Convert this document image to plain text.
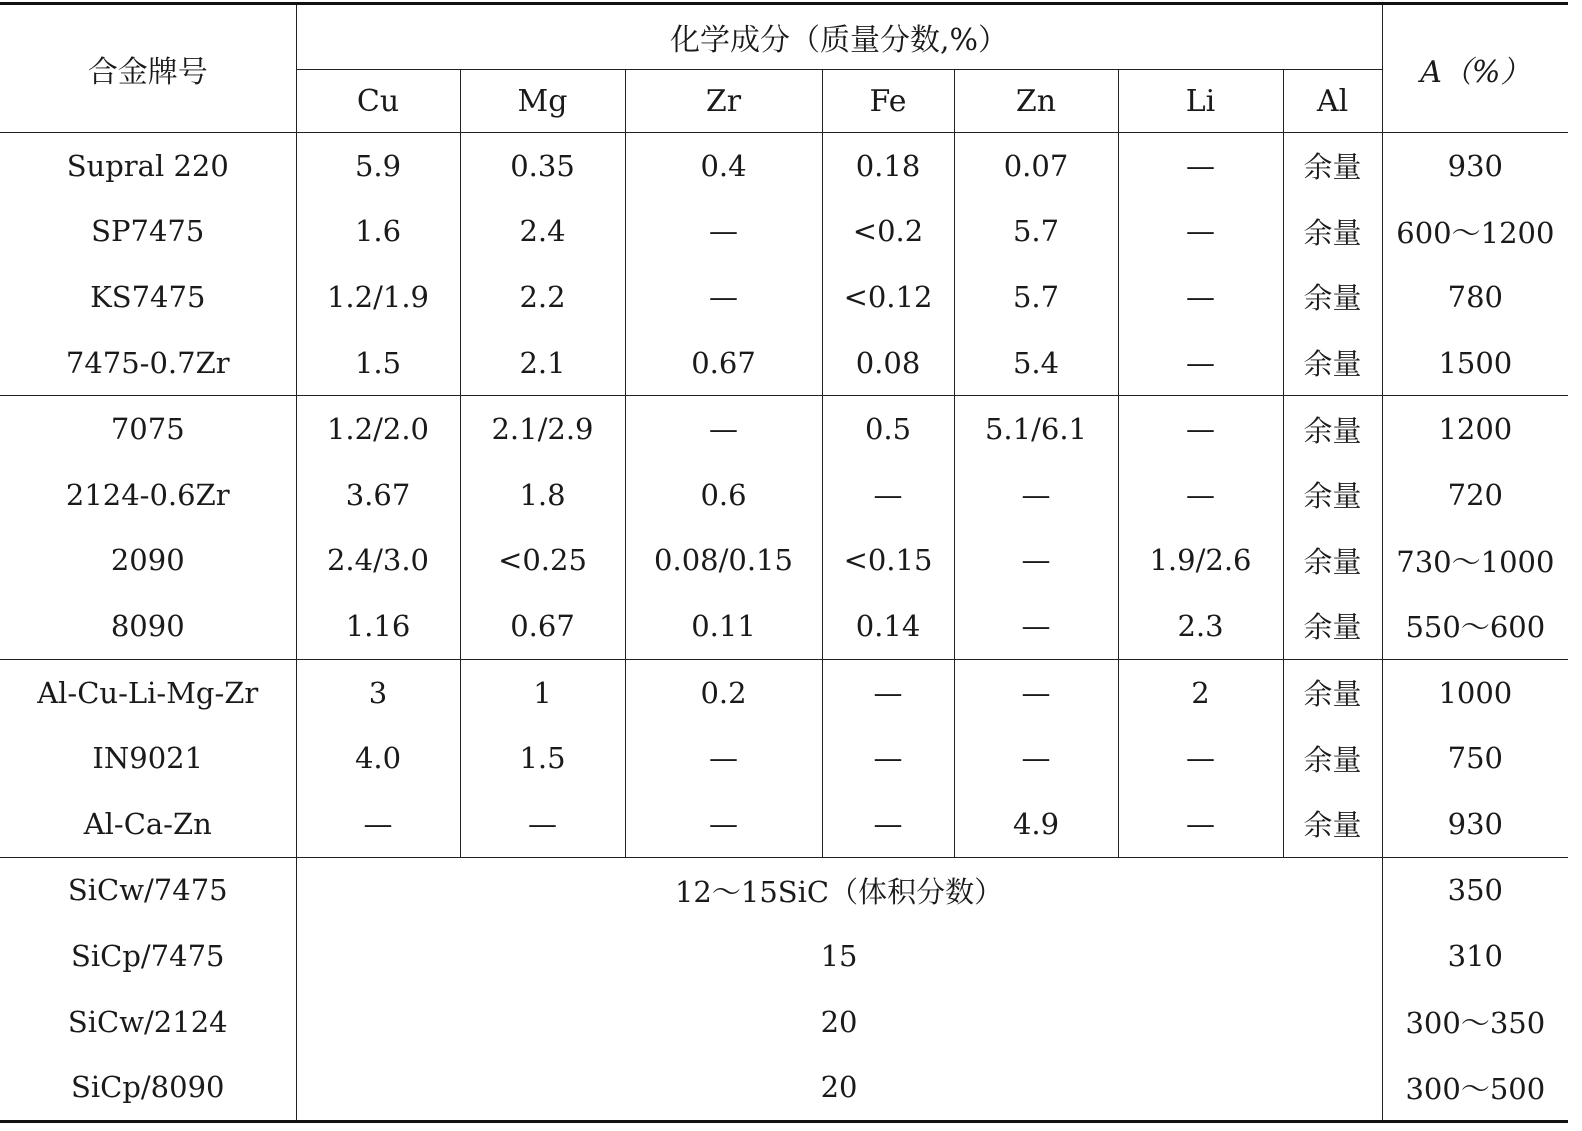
合金牌号	化学成分（质量分数,%）							A（%）
	Cu	Mg	Zr	Fe	Zn	Li	Al	

Supral 220	5.9	0.35	0.4	0.18	0.07	—	余量	930
SP7475	1.6	2.4	—	<0.2	5.7	—	余量	600～1200
KS7475	1.2/1.9	2.2	—	<0.12	5.7	—	余量	780
7475-0.7Zr	1.5	2.1	0.67	0.08	5.4	—	余量	1500
7075	1.2/2.0	2.1/2.9	—	0.5	5.1/6.1	—	余量	1200
2124-0.6Zr	3.67	1.8	0.6	—	—	—	余量	720
2090	2.4/3.0	<0.25	0.08/0.15	<0.15	—	1.9/2.6	余量	730～1000
8090	1.16	0.67	0.11	0.14	—	2.3	余量	550～600
Al-Cu-Li-Mg-Zr	3	1	0.2	—	—	2	余量	1000
IN9021	4.0	1.5	—	—	—	—	余量	750
Al-Ca-Zn	—	—	—	—	4.9	—	余量	930
SiCw/7475	12～15SiC（体积分数）							350
SiCp/7475	15							310
SiCw/2124	20							300～350
SiCp/8090	20							300～500
